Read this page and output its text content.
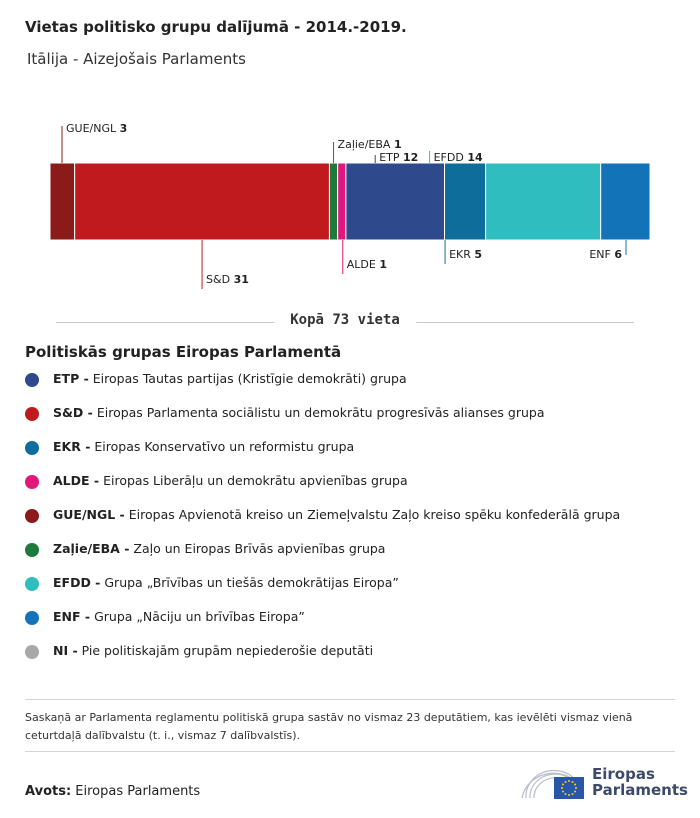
Vietas politisko grupu dalījumā - 2014.-2019.
Itālija - Aizejošais Parlaments
GUE/NGL 3
S&D 31
Zaļie/EBA 1
ALDE 1
ETP 12
EKR 5
EFDD 14
ENF 6
Kopā 73 vieta
Politiskās grupas Eiropas Parlamentā
ETP - Eiropas Tautas partijas (Kristīgie demokrāti) grupa
S&D - Eiropas Parlamenta sociālistu un demokrātu progresīvās alianses grupa
EKR - Eiropas Konservatīvo un reformistu grupa
ALDE - Eiropas Liberāļu un demokrātu apvienības grupa
GUE/NGL - Eiropas Apvienotā kreiso un Ziemeļvalstu Zaļo kreiso spēku konfederālā grupa
Zaļie/EBA - Zaļo un Eiropas Brīvās apvienības grupa
EFDD - Grupa „Brīvības un tiešās demokrātijas Eiropa”
ENF - Grupa „Nāciju un brīvības Eiropa”
NI - Pie politiskajām grupām nepiederošie deputāti
Saskaņā ar Parlamenta reglamentu politiskā grupa sastāv no vismaz 23 deputātiem, kas ievēlēti vismaz vienā ceturtdaļā dalībvalstu (t. i., vismaz 7 dalībvalstīs).
Avots: Eiropas Parlaments
Eiropas
Parlaments
